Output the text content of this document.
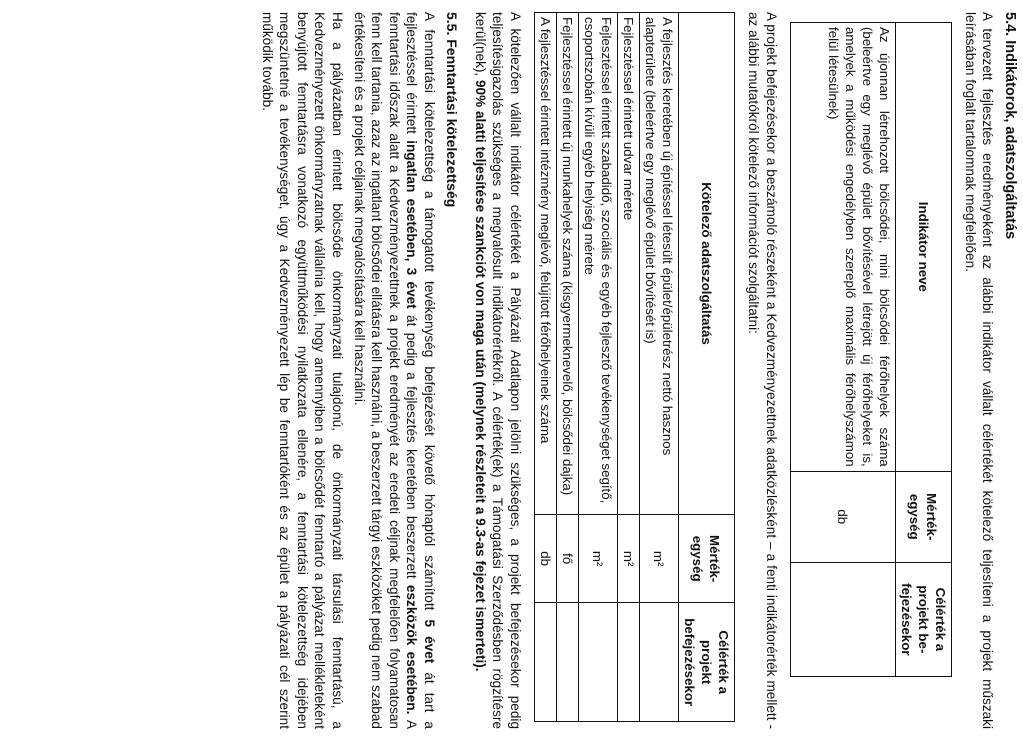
5.4. Indikátorok, adatszolgáltatás

A tervezett fejlesztés eredményeként az alábbi indikátor vállalt célértékét kötelező teljesíteni a projekt műszaki leírásában foglalt tartalomnak megfelelően.

Indikátor neve	Mérték-egység	Célérték a projekt be-fejezésekor
Az újonnan létrehozott bölcsődei, mini bölcsődei férőhelyek száma (beleértve egy meglévő épület bővítésével létrejött új férőhelyeket is, amelyek a működési engedélyben szereplő maximális férőhelyszámon felül létesülnek)	db	

A projekt befejezésekor a beszámoló részeként a Kedvezményezettnek adatközlésként – a fenti indikátorérték mellett - az alábbi mutatókról kötelező információt szolgáltatni:

Kötelező adatszolgáltatás	Mérték-egység	Célérték a projekt befejezésekor
A fejlesztés keretében új építéssel létesült épület/épületrész nettó hasznos alapterülete (beleértve egy meglévő épület bővítését is)	m²	
Fejlesztéssel érintett udvar mérete	m²	
Fejlesztéssel érintett szabadidő, szociális és egyéb fejlesztő tevékenységet segítő, csoportszobán kívüli egyéb helyiség mérete	m²	
Fejlesztéssel érintett új munkahelyek száma (kisgyermeknevelő, bölcsődei dajka)	fő	
A fejlesztéssel érintett intézmény meglévő, felújított férőhelyeinek száma	db	

A kötelezően vállalt indikátor célértékét a Pályázati Adatlapon jelölni szükséges, a projekt befejezésekor pedig teljesítésigazolás szükséges a megvalósult indikátorértékről. A célérték(ek) a Támogatási Szerződésben rögzítésre kerül(nek), 90% alatti teljesítése szankciót von maga után (melynek részleteit a 9.3-as fejezet ismerteti).

5.5. Fenntartási kötelezettség

A fenntartási kötelezettség a támogatott tevékenység befejezését követő hónaptól számított 5 évet át tart a fejlesztéssel érintett ingatlan esetében, 3 évet át pedig a fejlesztés keretében beszerzett eszközök esetében. A fenntartási időszak alatt a Kedvezményezettnek a projekt eredményét az eredeti céljnak megfelelően folyamatosan fenn kell tartania, azaz az ingatlant bölcsődei ellátásra kell használni, a beszerzett tárgyi eszközöket pedig nem szabad értékesíteni és a projekt céljainak megvalósítására kell használni.

Ha a pályázatban érintett bölcsőde önkormányzati tulajdonú, de önkormányzati társulási fenntartású, a Kedvezményezett önkormányzatnak vállalnia kell, hogy amennyiben a bölcsődét fenntartó a pályázat mellékleteként benyújtott fenntartásra vonatkozó együttműködési nyilatkozata ellenére, a fenntartási kötelezettség idejében megszüntetné a tevékenységet, úgy a Kedvezményezett lép be fenntartóként és az épület a pályázati cél szerint működik tovább.
